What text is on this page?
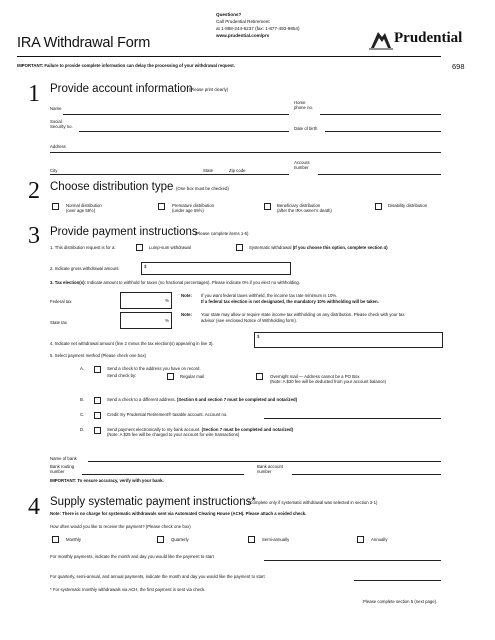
IRA Withdrawal Form
Questions?
Call Prudential Retirement
at 1-888-244-6237 (fax: 1-877-493-9854)
www.prudential.com/prs	Prudential
IMPORTANT: Failure to provide complete information can delay the processing of your withdrawal request.	698
1 Provide account information
(Please print clearly)
Name
Home
phone no.
Social
Security no.	Date of birth
Address
City	State	Zip code
Account
number
2 Choose distribution type (One box must be checked)
Normal distribution
(over age 59½)
Premature distribution
(under age 59½)
Beneficiary distribution
(after the IRA owner’s death)
Disability distribution
3 Provide payment instructions
(Please complete items 1-5)
1. This distribution request is for a:	Lump-sum withdrawal	Systematic withdrawal (If you choose this option, complete section 4)
2. Indicate gross withdrawal amount	$
3. Tax election(s): Indicate amount to withhold for taxes (no fractional percentages). Please indicate 0% if you elect no withholding.
Federal tax	%
Note: If you want federal taxes withheld, the income tax rate minimum is 10%.
If a federal tax election is not designated, the mandatory 10% withholding will be taken.
State tax	%
Note: Your state may allow or require state income tax withholding on any distribution. Please check with your tax
advisor (see enclosed Notice of Withholding form).
4. Indicate net withdrawal amount (line 2 minus the tax election(s) appearing in line 3).
$
5. Select payment method (Please check one box)
A.	Send a check to the address you have on record.
Send check by:	Regular mail	Overnight mail — Address cannot be a PO Box
(Note: A $30 fee will be deducted from your account balance)
B.	Send a check to a different address. (Section 6 and section 7 must be completed and notarized)
C.	Credit my Prudential Retirement® taxable account. Account no.
D.	Send payment electronically to my bank account. (Section 7 must be completed and notarized)
(Note: A $25 fee will be charged to your account for wire transactions)
Name of bank
Bank routing
number
Bank account
number
IMPORTANT: To ensure accuracy, verify with your bank.
4 Supply systematic payment instructions*
(Complete only if systematic withdrawal was selected in section 3-1)
Note: There is no charge for systematic withdrawals sent via Automated Clearing House (ACH). Please attach a voided check.
How often would you like to receive the payment? (Please check one box)
Monthly	Quarterly	Semi-annually	Annually
For monthly payments, indicate the month and day you would like the payment to start
For quarterly, semi-annual, and annual payments, indicate the month and day you would like the payment to start
* For systematic monthly withdrawals via ACH, the first payment is sent via check.
Please complete section 5 (next page).
